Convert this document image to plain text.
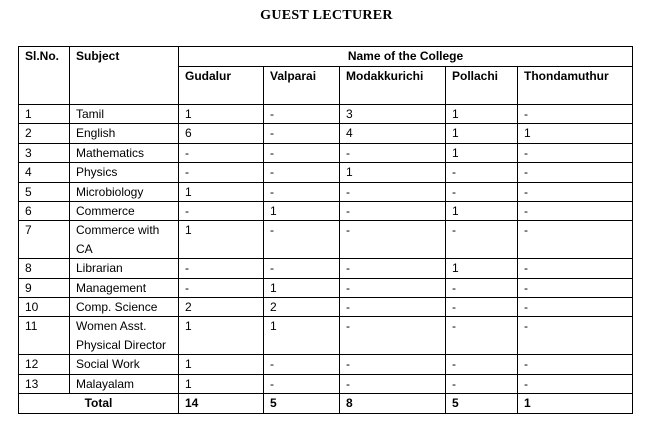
GUEST LECTURER
Sl.No.	Subject	Name of the College				
		Gudalur	Valparai	Modakkurichi	Pollachi	Thondamuthur
1	Tamil	1	-	3	1	-
2	English	6	-	4	1	1
3	Mathematics	-	-	-	1	-
4	Physics	-	-	1	-	-
5	Microbiology	1	-	-	-	-
6	Commerce	-	1	-	1	-
7	Commerce with CA	1	-	-	-	-
8	Librarian	-	-	-	1	-
9	Management	-	1	-	-	-
10	Comp. Science	2	2	-	-	-
11	Women Asst. Physical Director	1	1	-	-	-
12	Social Work	1	-	-	-	-
13	Malayalam	1	-	-	-	-
Total		14	5	8	5	1
